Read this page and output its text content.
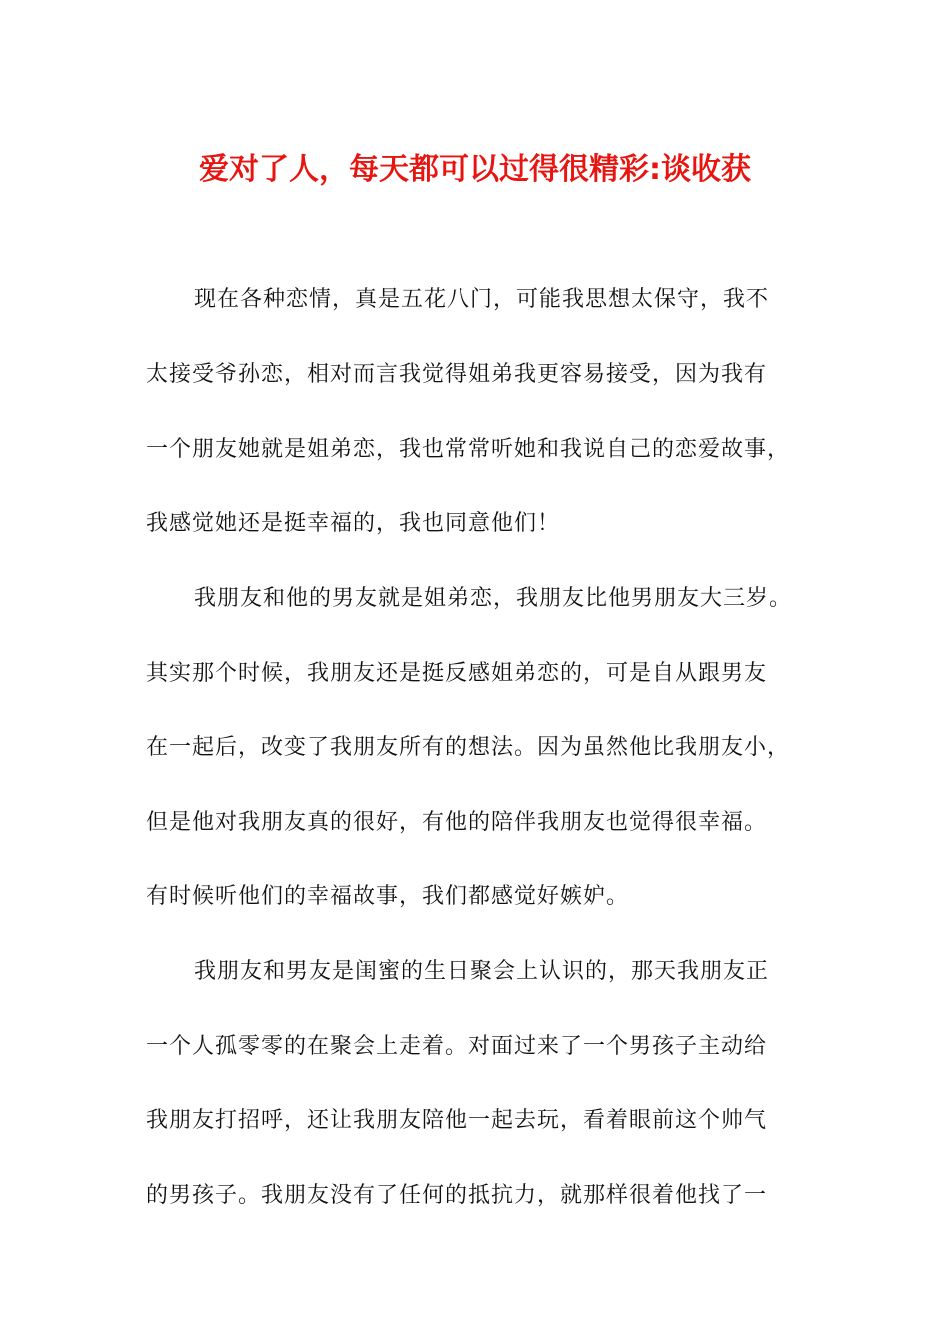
爱对了人，每天都可以过得很精彩:谈收获
现在各种恋情，真是五花八门，可能我思想太保守，我不
太接受爷孙恋，相对而言我觉得姐弟我更容易接受，因为我有
一个朋友她就是姐弟恋，我也常常听她和我说自己的恋爱故事，
我感觉她还是挺幸福的，我也同意他们！
我朋友和他的男友就是姐弟恋，我朋友比他男朋友大三岁。
其实那个时候，我朋友还是挺反感姐弟恋的，可是自从跟男友
在一起后，改变了我朋友所有的想法。因为虽然他比我朋友小，
但是他对我朋友真的很好，有他的陪伴我朋友也觉得很幸福。
有时候听他们的幸福故事，我们都感觉好嫉妒。
我朋友和男友是闺蜜的生日聚会上认识的，那天我朋友正
一个人孤零零的在聚会上走着。对面过来了一个男孩子主动给
我朋友打招呼，还让我朋友陪他一起去玩，看着眼前这个帅气
的男孩子。我朋友没有了任何的抵抗力，就那样很着他找了一
